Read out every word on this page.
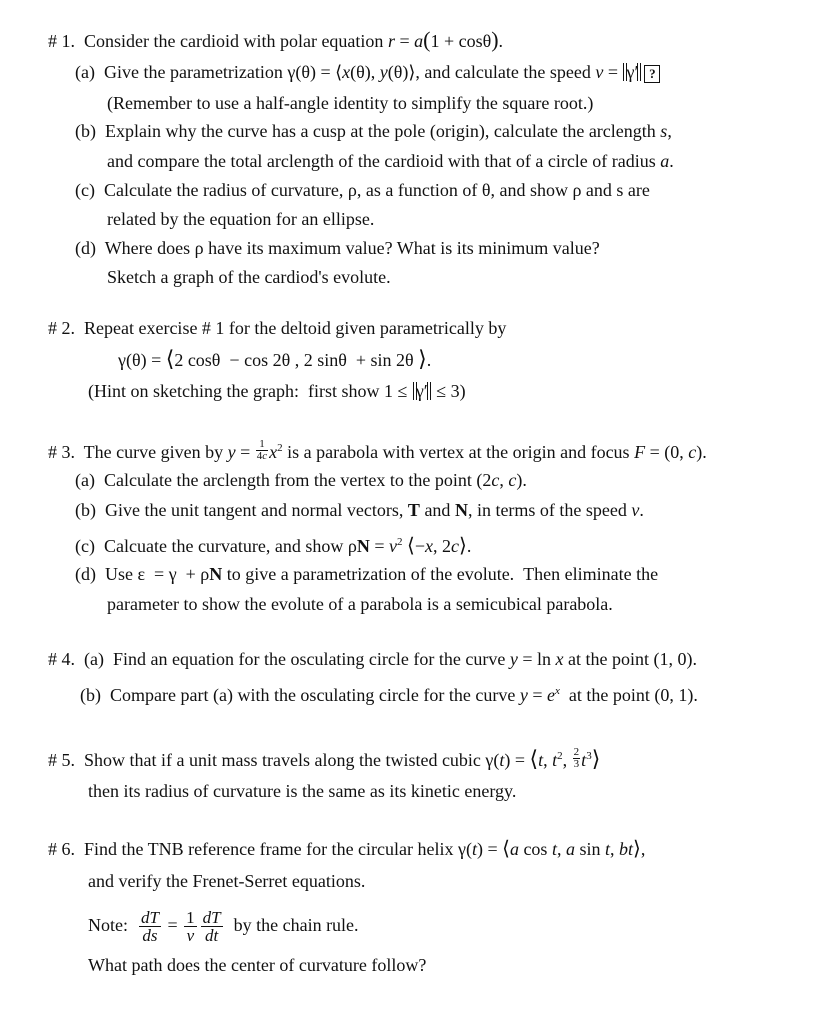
# 1. Consider the cardioid with polar equation r = a(1 + cosθ).
(a)  Give the parametrization γ(θ) = ⟨x(θ), y(θ)⟩, and calculate the speed v = γ′ ?
(Remember to use a half-angle identity to simplify the square root.)
(b)  Explain why the curve has a cusp at the pole (origin), calculate the arclength s,
and compare the total arclength of the cardioid with that of a circle of radius a.
(c) Calculate the radius of curvature, ρ, as a function of θ, and show ρ and s are
related by the equation for an ellipse.
(d) Where does ρ have its maximum value? What is its minimum value?
Sketch a graph of the cardiod's evolute.
# 2. Repeat exercise # 1 for the deltoid given parametrically by
γ(θ) = ⟨2 cosθ  − cos 2θ , 2 sinθ  + sin 2θ ⟩.
(Hint on sketching the graph:  first show 1 ≤ γ′ ≤ 3)
# 3.  The curve given by $y = \frac{1}{4c} x^2$ is a parabola with vertex at the origin and focus F = (0, c).
(a)  Calculate the arclength from the vertex to the point (2c, c).
(b)  Give the unit tangent and normal vectors, T and N, in terms of the speed v.
(c)  Calcuate the curvature, and show $\rho N = v^2$ ⟨−x, 2c⟩.
(d)  Use ε  = γ  + ρN to give a parametrization of the evolute.  Then eliminate the
parameter to show the evolute of a parabola is a semicubical parabola.
# 4. (a)  Find an equation for the osculating circle for the curve y = ln x at the point (1, 0).
(b)  Compare part (a) with the osculating circle for the curve $y = e^x$  at the point (0, 1).
# 5.  Show that if a unit mass travels along the twisted cubic γ(t) = ⟨t, $t^2$, $\frac{2}{3}$ $t^3⟩$
then its radius of curvature is the same as its kinetic energy.
# 6.  Find the TNB reference frame for the circular helix γ(t) = ⟨a cos t, a sin t, bt⟩,
and verify the Frenet-Serret equations.
Note: $\frac{dT}{ds} = \frac{1}{v} \frac{dT}{dt}$ by the chain rule.
What path does the center of curvature follow?
